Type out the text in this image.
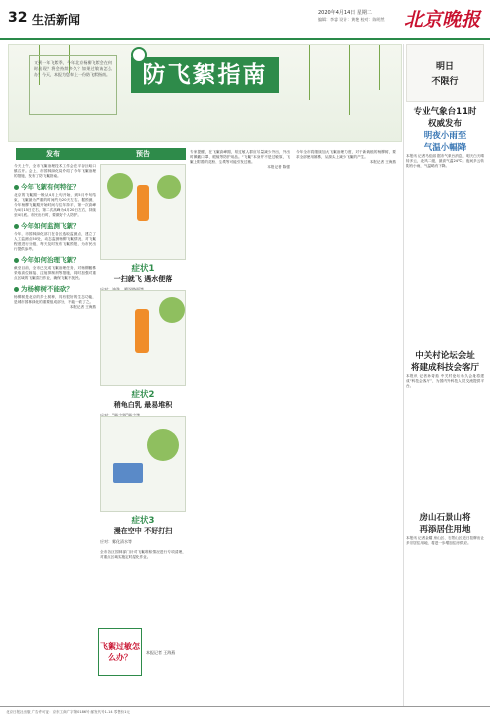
32 生活新闻	2020年4月14日 星期二
编辑：李睿 设计：黄艳 校对：陈明然 北京晚报
又到一年飞絮季，今年北京杨柳飞絮会在何时出现？将会持续多久？如果过敏该怎么办？今天，本报为您奉上一份防飞絮指南。	防飞絮指南
发布	预告

今天上午，全市飞絮治理技术工作会在平谷区峪口镇召开。会上，市园林绿化局介绍了今年飞絮治理的措施，发布了防飞絮指南。

今年飞絮有何特征？

北京的飞絮期一般从4月上旬开始，到5月中旬结束，飞絮最为严重的时间约为20天左右。据预测，今年杨柳飞絮期开始时间与往年持平，第一次高峰为4月15日左右，第二次高峰为4月20日左右，持续至4月底。市民出行时，要做好个人防护。

今年如何监测飞絮？

今年，市园林绿化部门在各区选取监测点，建立了人工监测点50处，动态监测杨柳飞絮情况，对飞絮程度进行分级，每天及时发布飞絮预报，为市民出行提供参考。

今年如何治理飞絮？

截至目前，全市已完成飞絮治理任务，对杨柳雌株采取高位嫁接、注射抑制剂等措施，同时加强对重点区域的飞絮清扫作业，确保飞絮不扰民。

为杨柳树不能砍？

杨柳树是北京的乡土树种，具有很好的生态功能，是城市园林绿化的重要组成部分，不能一砍了之。

本报记者 王海燕

症状1
一扫就飞 遇水便落

症状2
稍龟白乳 最易堆积

症状3
漫在空中 不好打扫

应对：雾化清水等

全市各区园林部门针对飞絮堆积情况进行专项清理，对重点区域实施定时湿化作业。

飞絮过敏怎么办？

本报记者 王海燕

专家提醒，在飞絮高峰期，易过敏人群应尽量减少外出，外出时佩戴口罩、眼镜等防护用品。“飞絮”本身并不是过敏原，飞絮上附着的花粉、尘埃等可能引发过敏。

本报记者 陈强

今年全市将继续加大飞絮治理力度，对于新栽植的杨柳树，要求全部使用雄株，从源头上减少飞絮的产生。

本报记者 王海燕

明日
不限行
专业气象台11时
权威发布
明夜小雨至
气温小幅降

本报讯 记者马佳丽 据市气象台消息，明天白天晴转多云，北风二级，最高气温24℃；夜间多云转阴有小雨，气温略有下降。

中关村论坛会址
将建成科技会客厅

本报讯 记者孙奇茹 中关村论坛永久会址将建成“科技会客厅”，为国内外科技人员交流提供平台。

房山石景山将
再添居住用地

本报讯 记者金耀 房山区、石景山区近日挂牌出让多宗居住用地，将进一步增加住房供应。

北京日报社出版 广告许可证：京东工商广字第0186号 邮发代号1-14 零售价1元
